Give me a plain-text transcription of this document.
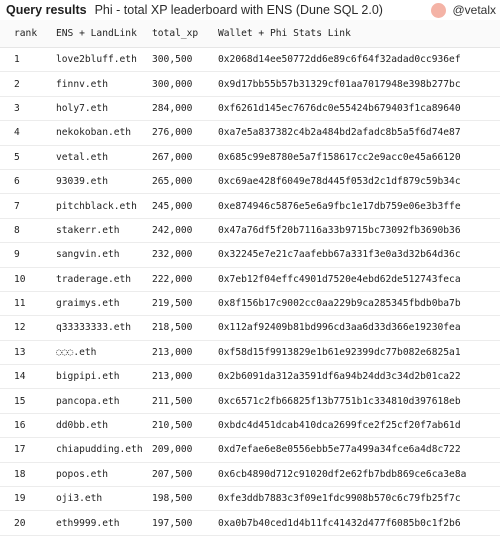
Query results Phi - total XP leaderboard with ENS (Dune SQL 2.0)	@vetalx
rank	ENS + LandLink	total_xp	Wallet + Phi Stats Link
1	love2bluff.eth	300,500	0x2068d14ee50772dd6e89c6f64f32adad0cc936ef
2	finnv.eth	300,000	0x9d17bb55b57b31329cf01aa7017948e398b277bc
3	holy7.eth	284,000	0xf6261d145ec7676dc0e55424b679403f1ca89640
4	nekokoban.eth	276,000	0xa7e5a837382c4b2a484bd2afadc8b5a5f6d74e87
5	vetal.eth	267,000	0x685c99e8780e5a7f158617cc2e9acc0e45a66120
6	93039.eth	265,000	0xc69ae428f6049e78d445f053d2c1df879c59b34c
7	pitchblack.eth	245,000	0xe874946c5876e5e6a9fbc1e17db759e06e3b3ffe
8	stakerr.eth	242,000	0x47a76df5f20b7116a33b9715bc73092fb3690b36
9	sangvin.eth	232,000	0x32245e7e21c7aafebb67a331f3e0a3d32b64d36c
10	traderage.eth	222,000	0x7eb12f04effc4901d7520e4ebd62de512743feca
11	graimys.eth	219,500	0x8f156b17c9002cc0aa229b9ca285345fbdb0ba7b
12	q33333333.eth	218,500	0x112af92409b81bd996cd3aa6d33d366e19230fea
13	◌◌◌.eth	213,000	0xf58d15f9913829e1b61e92399dc77b082e6825a1
14	bigpipi.eth	213,000	0x2b6091da312a3591df6a94b24dd3c34d2b01ca22
15	pancopa.eth	211,500	0xc6571c2fb66825f13b7751b1c334810d397618eb
16	dd0bb.eth	210,500	0xbdc4d451dcab410dca2699fce2f25cf20f7ab61d
17	chiapudding.eth	209,000	0xd7efae6e8e0556ebb5e77a499a34fce6a4d8c722
18	popos.eth	207,500	0x6cb4890d712c91020df2e62fb7bdb869ce6ca3e8a
19	oji3.eth	198,500	0xfe3ddb7883c3f09e1fdc9908b570c6c79fb25f7c
20	eth9999.eth	197,500	0xa0b7b40ced1d4b11fc41432d477f6085b0c1f2b6
